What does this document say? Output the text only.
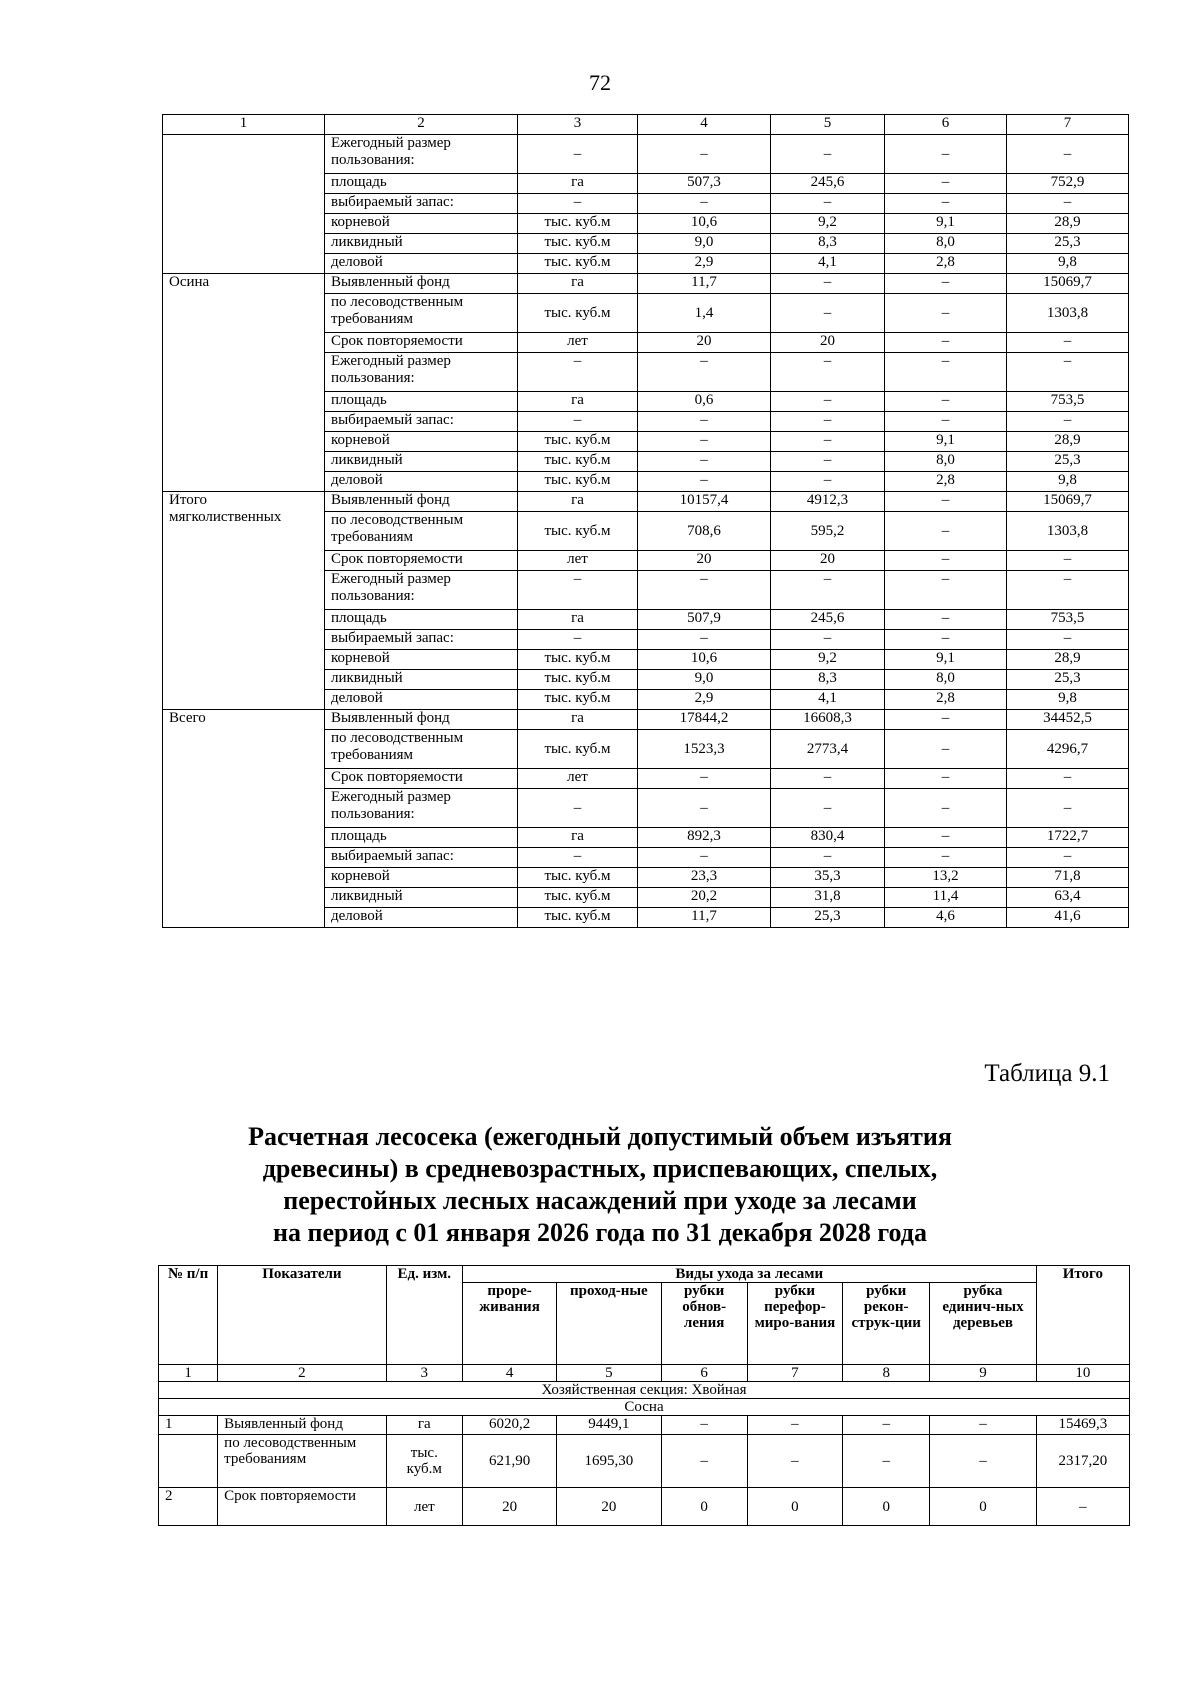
72
1	2	3	4	5	6	7
	Ежегодный размер пользования:	–	–	–	–	–
	площадь	га	507,3	245,6	–	752,9
	выбираемый запас:	–	–	–	–	–
	корневой	тыс. куб.м	10,6	9,2	9,1	28,9
	ликвидный	тыс. куб.м	9,0	8,3	8,0	25,3
	деловой	тыс. куб.м	2,9	4,1	2,8	9,8
Осина	Выявленный фонд	га	11,7	–	–	15069,7
	по лесоводственным требованиям	тыс. куб.м	1,4	–	–	1303,8
	Срок повторяемости	лет	20	20	–	–
	Ежегодный размер пользования:	–	–	–	–	–
	площадь	га	0,6	–	–	753,5
	выбираемый запас:	–	–	–	–	–
	корневой	тыс. куб.м	–	–	9,1	28,9
	ликвидный	тыс. куб.м	–	–	8,0	25,3
	деловой	тыс. куб.м	–	–	2,8	9,8
Итого мягколиственных	Выявленный фонд	га	10157,4	4912,3	–	15069,7
	по лесоводственным требованиям	тыс. куб.м	708,6	595,2	–	1303,8
	Срок повторяемости	лет	20	20	–	–
	Ежегодный размер пользования:	–	–	–	–	–
	площадь	га	507,9	245,6	–	753,5
	выбираемый запас:	–	–	–	–	–
	корневой	тыс. куб.м	10,6	9,2	9,1	28,9
	ликвидный	тыс. куб.м	9,0	8,3	8,0	25,3
	деловой	тыс. куб.м	2,9	4,1	2,8	9,8
Всего	Выявленный фонд	га	17844,2	16608,3	–	34452,5
	по лесоводственным требованиям	тыс. куб.м	1523,3	2773,4	–	4296,7
	Срок повторяемости	лет	–	–	–	–
	Ежегодный размер пользования:	–	–	–	–	–
	площадь	га	892,3	830,4	–	1722,7
	выбираемый запас:	–	–	–	–	–
	корневой	тыс. куб.м	23,3	35,3	13,2	71,8
	ликвидный	тыс. куб.м	20,2	31,8	11,4	63,4
	деловой	тыс. куб.м	11,7	25,3	4,6	41,6
Таблица 9.1
Расчетная лесосека (ежегодный допустимый объем изъятия
древесины) в средневозрастных, приспевающих, спелых,
перестойных лесных насаждений при уходе за лесами
на период с 01 января 2026 года по 31 декабря 2028 года
№ п/п	Показатели	Ед. изм.	Виды ухода за лесами						Итого
			проре-живания	проход-ные	рубки обнов-ления	рубки перефор-миро-вания	рубки рекон-струк-ции	рубка единич-ных деревьев	
1	2	3	4	5	6	7	8	9	10
Хозяйственная секция: Хвойная									
Сосна									
1	Выявленный фонд	га	6020,2	9449,1	–	–	–	–	15469,3
	по лесоводственным требованиям	тыс. куб.м	621,90	1695,30	–	–	–	–	2317,20
2	Срок повторяемости	лет	20	20	0	0	0	0	–
